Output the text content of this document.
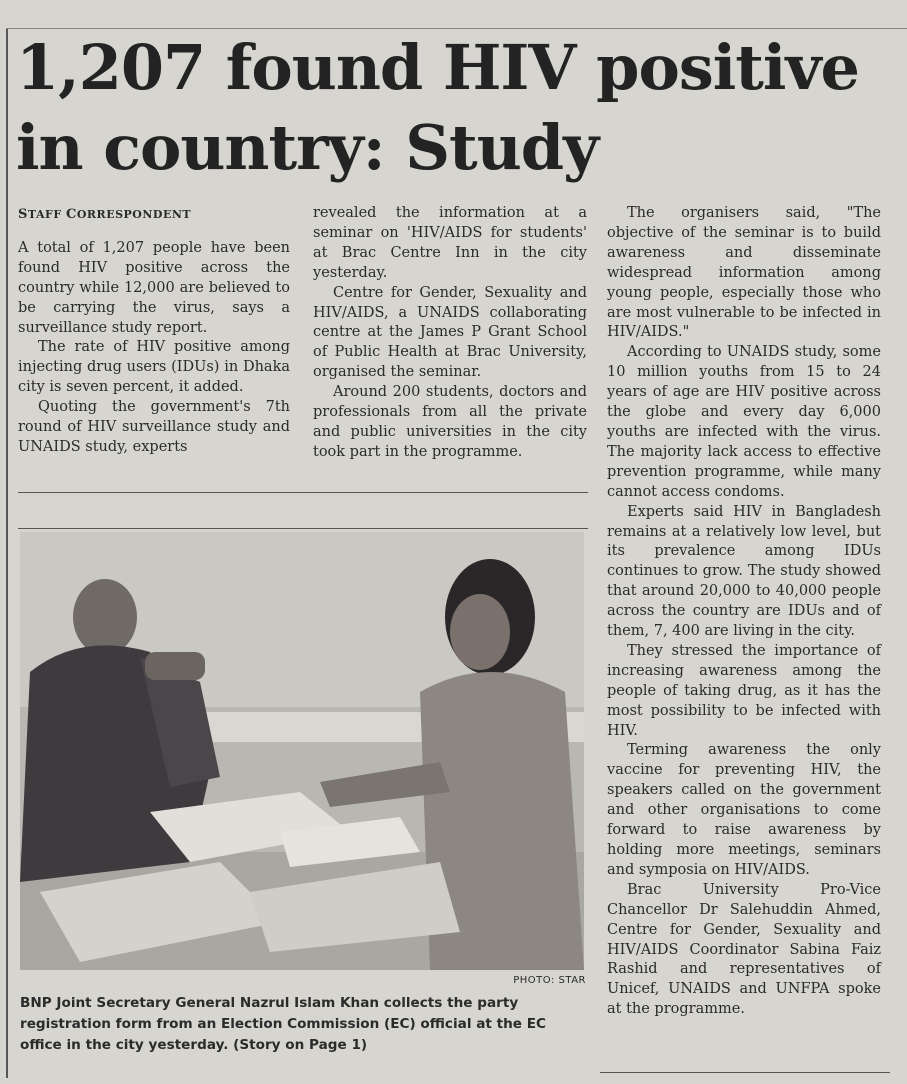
1,207 found HIV positive in country: Study
STAFF CORRESPONDENT

A total of 1,207 people have been found HIV positive across the country while 12,000 are believed to be carrying the virus, says a surveillance study report.

The rate of HIV positive among injecting drug users (IDUs) in Dhaka city is seven percent, it added.

Quoting the government's 7th round of HIV surveillance study and UNAIDS study, experts

revealed the information at a seminar on 'HIV/AIDS for students' at Brac Centre Inn in the city yesterday.

Centre for Gender, Sexuality and HIV/AIDS, a UNAIDS collaborating centre at the James P Grant School of Public Health at Brac University, organised the seminar.

Around 200 students, doctors and professionals from all the private and public universities in the city took part in the programme.

The organisers said, "The objective of the seminar is to build awareness and disseminate widespread information among young people, especially those who are most vulnerable to be infected in HIV/AIDS."

According to UNAIDS study, some 10 million youths from 15 to 24 years of age are HIV positive across the globe and every day 6,000 youths are infected with the virus. The majority lack access to effective prevention programme, while many cannot access condoms.

Experts said HIV in Bangladesh remains at a relatively low level, but its prevalence among IDUs continues to grow. The study showed that around 20,000 to 40,000 people across the country are IDUs and of them, 7, 400 are living in the city.

They stressed the importance of increasing awareness among the people of taking drug, as it has the most possibility to be infected with HIV.

Terming awareness the only vaccine for preventing HIV, the speakers called on the government and other organisations to come forward to raise awareness by holding more meetings, seminars and symposia on HIV/AIDS.

Brac University Pro-Vice Chancellor Dr Salehuddin Ahmed, Centre for Gender, Sexuality and HIV/AIDS Coordinator Sabina Faiz Rashid and representatives of Unicef, UNAIDS and UNFPA spoke at the programme.

PHOTO: STAR
BNP Joint Secretary General Nazrul Islam Khan collects the party registration form from an Election Commission (EC) official at the EC office in the city yesterday. (Story on Page 1)
